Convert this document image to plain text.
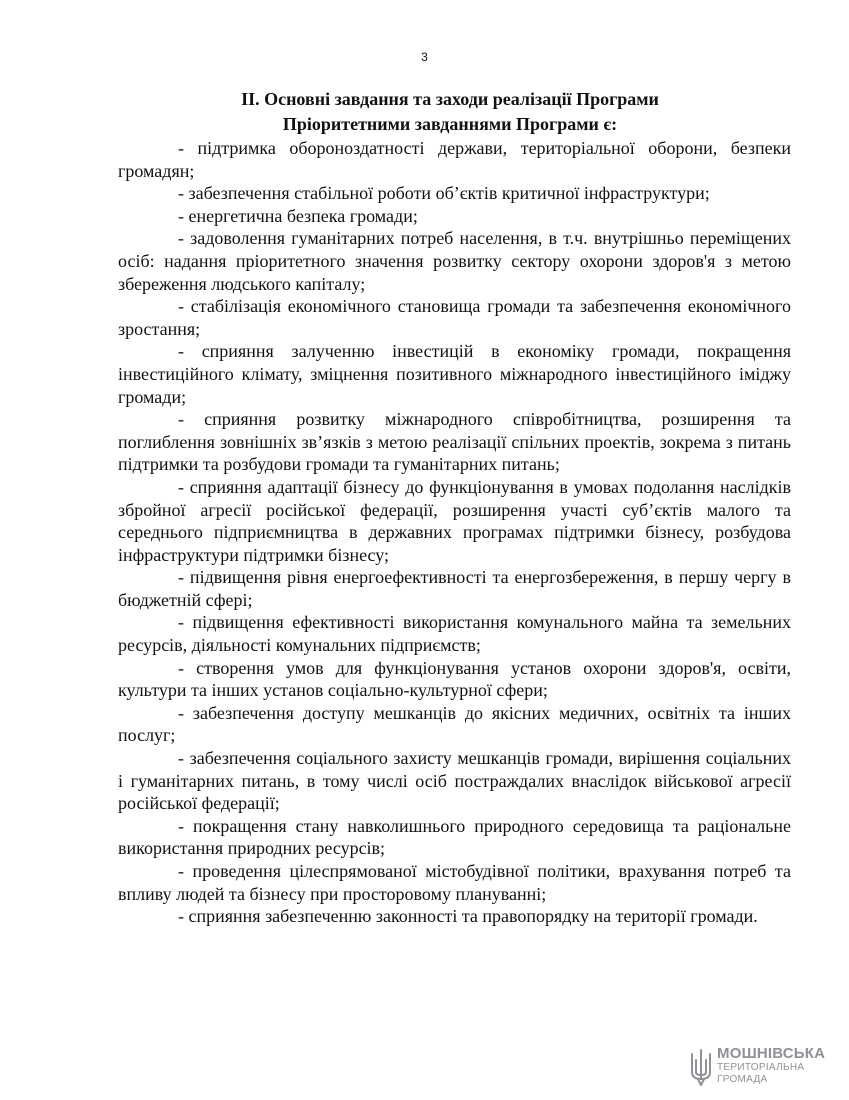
3
ІІ. Основні завдання та заходи реалізації Програми
Пріоритетними завданнями Програми є:

- підтримка обороноздатності держави, територіальної оборони, безпеки громадян;

- забезпечення стабільної роботи об’єктів критичної інфраструктури;

- енергетична безпека громади;

- задоволення гуманітарних потреб населення, в т.ч. внутрішньо переміщених осіб: надання пріоритетного значення розвитку сектору охорони здоров'я з метою збереження людського капіталу;

- стабілізація економічного становища громади та забезпечення економічного зростання;

- сприяння залученню інвестицій в економіку громади, покращення інвестиційного клімату, зміцнення позитивного міжнародного інвестиційного іміджу громади;

- сприяння розвитку міжнародного співробітництва, розширення та поглиблення зовнішніх зв’язків з метою реалізації спільних проектів, зокрема з питань підтримки та розбудови громади та гуманітарних питань;

- сприяння адаптації бізнесу до функціонування в умовах подолання наслідків збройної агресії російської федерації, розширення участі суб’єктів малого та середнього підприємництва в державних програмах підтримки бізнесу, розбудова інфраструктури підтримки бізнесу;

- підвищення рівня енергоефективності та енергозбереження, в першу чергу в бюджетній сфері;

- підвищення ефективності використання комунального майна та земельних ресурсів, діяльності комунальних підприємств;

- створення умов для функціонування установ охорони здоров'я, освіти, культури та інших установ соціально-культурної сфери;

- забезпечення доступу мешканців до якісних медичних, освітніх та інших послуг;

- забезпечення соціального захисту мешканців громади, вирішення соціальних і гуманітарних питань, в тому числі осіб постраждалих внаслідок військової агресії російської федерації;

- покращення стану навколишнього природного середовища та раціональне використання природних ресурсів;

- проведення цілеспрямованої містобудівної політики, врахування потреб та впливу людей та бізнесу при просторовому плануванні;

- сприяння забезпеченню законності та правопорядку на території громади.

МОШНІВСЬКА
ТЕРИТОРІАЛЬНА
ГРОМАДА
